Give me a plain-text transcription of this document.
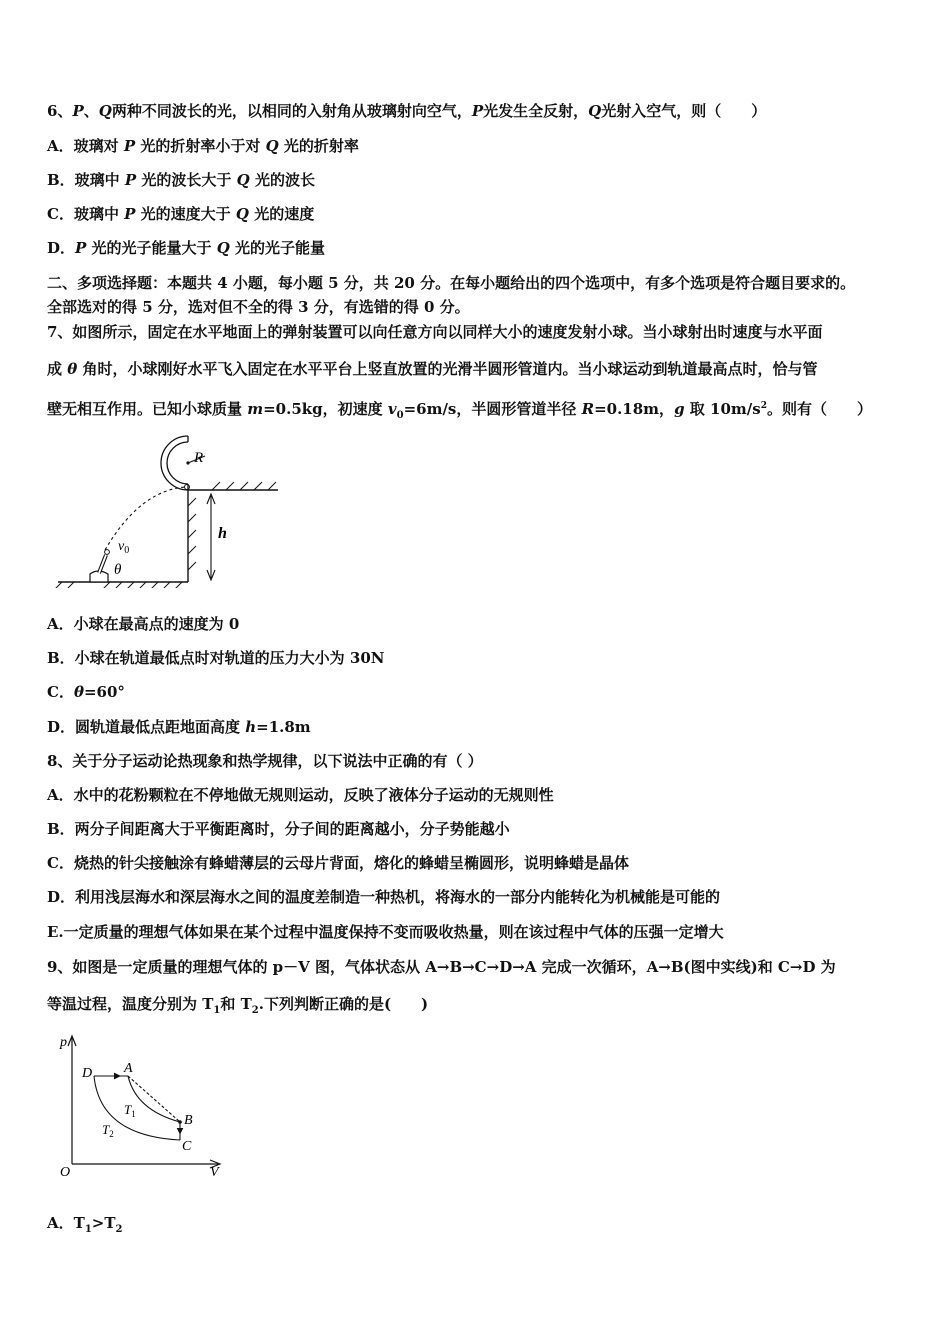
6、P、Q两种不同波长的光，以相同的入射角从玻璃射向空气，P光发生全反射，Q光射入空气，则（　　）
A．玻璃对 P 光的折射率小于对 Q 光的折射率
B．玻璃中 P 光的波长大于 Q 光的波长
C．玻璃中 P 光的速度大于 Q 光的速度
D．P 光的光子能量大于 Q 光的光子能量
二、多项选择题：本题共 4 小题，每小题 5 分，共 20 分。在每小题给出的四个选项中，有多个选项是符合题目要求的。
全部选对的得 5 分，选对但不全的得 3 分，有选错的得 0 分。
7、如图所示，固定在水平地面上的弹射装置可以向任意方向以同样大小的速度发射小球。当小球射出时速度与水平面
成 θ 角时，小球刚好水平飞入固定在水平平台上竖直放置的光滑半圆形管道内。当小球运动到轨道最高点时，恰与管
壁无相互作用。已知小球质量 m=0.5kg，初速度 $v_0=6m/s$，半圆形管道半径 R=0.18m，g 取 $10m/s^2$。则有（　　）
R
$v_0$
θ
h
A．小球在最高点的速度为 0
B．小球在轨道最低点时对轨道的压力大小为 30N
C．θ=60°
D．圆轨道最低点距地面高度 h=1.8m
8、关于分子运动论热现象和热学规律，以下说法中正确的有（ ）
A．水中的花粉颗粒在不停地做无规则运动，反映了液体分子运动的无规则性
B．两分子间距离大于平衡距离时，分子间的距离越小，分子势能越小
C．烧热的针尖接触涂有蜂蜡薄层的云母片背面，熔化的蜂蜡呈椭圆形，说明蜂蜡是晶体
D．利用浅层海水和深层海水之间的温度差制造一种热机，将海水的一部分内能转化为机械能是可能的
E.一定质量的理想气体如果在某个过程中温度保持不变而吸收热量，则在该过程中气体的压强一定增大
9、如图是一定质量的理想气体的 p－V 图，气体状态从 A→B→C→D→A 完成一次循环，A→B(图中实线)和 C→D 为
等温过程，温度分别为 $T_1$和 $T_2$.下列判断正确的是(　　)
p
V
O
D A
B
C
$T_1$
$T_2$
A．$T_1>T_2$
